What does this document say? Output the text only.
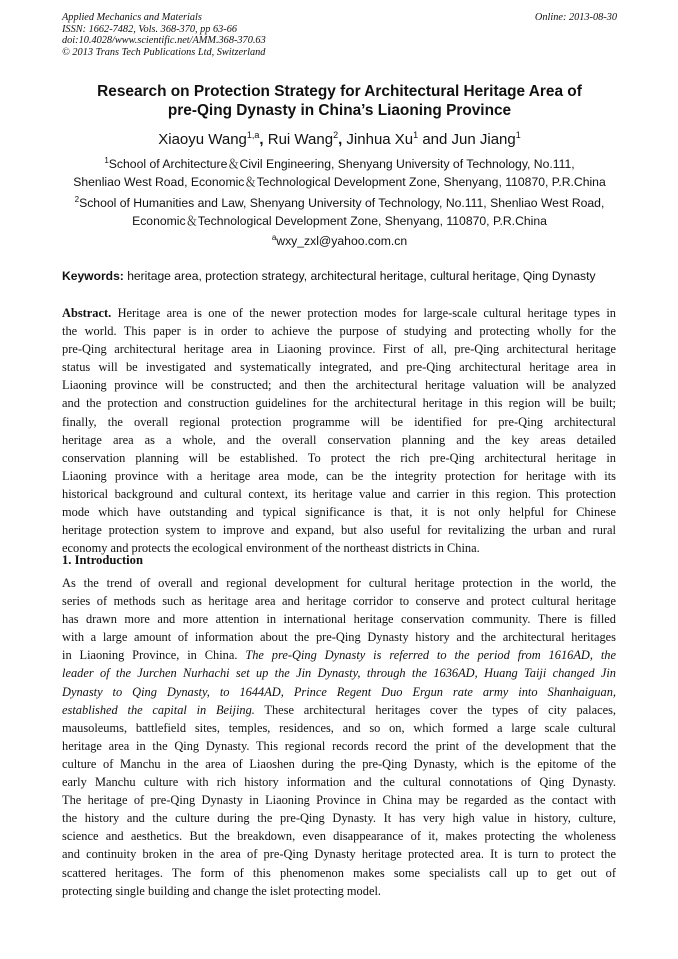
Applied Mechanics and Materials
ISSN: 1662-7482, Vols. 368-370, pp 63-66
doi:10.4028/www.scientific.net/AMM.368-370.63
© 2013 Trans Tech Publications Ltd, Switzerland
Online: 2013-08-30
Research on Protection Strategy for Architectural Heritage Area of
pre-Qing Dynasty in China’s Liaoning Province
Xiaoyu Wang$^{1,a}$, Rui Wang$^2$, Jinhua Xu$^1$ and Jun Jiang$^1$
$^1$School of Architecture＆Civil Engineering, Shenyang University of Technology, No.111,
Shenliao West Road, Economic＆Technological Development Zone, Shenyang, 110870, P.R.China
$^2$School of Humanities and Law, Shenyang University of Technology, No.111, Shenliao West Road,
Economic＆Technological Development Zone, Shenyang, 110870, P.R.China
$^a$wxy_zxl@yahoo.com.cn
Keywords: heritage area, protection strategy, architectural heritage, cultural heritage, Qing Dynasty
Abstract. Heritage area is one of the newer protection modes for large-scale cultural heritage types in
the world. This paper is in order to achieve the purpose of studying and protecting wholly for the
pre-Qing architectural heritage area in Liaoning province. First of all, pre-Qing architectural heritage
status will be investigated and systematically integrated, and pre-Qing architectural heritage area in
Liaoning province will be constructed; and then the architectural heritage valuation will be analyzed
and the protection and construction guidelines for the architectural heritage in this region will be built;
finally, the overall regional protection programme will be identified for pre-Qing architectural
heritage area as a whole, and the overall conservation planning and the key areas detailed
conservation planning will be established. To protect the rich pre-Qing architectural heritage in
Liaoning province with a heritage area mode, can be the integrity protection for heritage with its
historical background and cultural context, its heritage value and carrier in this region. This protection
mode which have outstanding and typical significance is that, it is not only helpful for Chinese
heritage protection system to improve and expand, but also useful for revitalizing the urban and rural
economy and protects the ecological environment of the northeast districts in China.
1. Introduction
As the trend of overall and regional development for cultural heritage protection in the world, the
series of methods such as heritage area and heritage corridor to conserve and protect cultural heritage
has drawn more and more attention in international heritage conservation community. There is filled
with a large amount of information about the pre-Qing Dynasty history and the architectural heritages
in Liaoning Province, in China. The pre-Qing Dynasty is referred to the period from 1616AD, the
leader of the Jurchen Nurhachi set up the Jin Dynasty, through the 1636AD, Huang Taiji changed Jin
Dynasty to Qing Dynasty, to 1644AD, Prince Regent Duo Ergun rate army into Shanhaiguan,
established the capital in Beijing. These architectural heritages cover the types of city palaces,
mausoleums, battlefield sites, temples, residences, and so on, which formed a large scale cultural
heritage area in the Qing Dynasty. This regional records record the print of the development that the
culture of Manchu in the area of Liaoshen during the pre-Qing Dynasty, which is the epitome of the
early Manchu culture with rich history information and the cultural connotations of Qing Dynasty.
The heritage of pre-Qing Dynasty in Liaoning Province in China may be regarded as the contact with
the history and the culture during the pre-Qing Dynasty. It has very high value in history, culture,
science and aesthetics. But the breakdown, even disappearance of it, makes protecting the wholeness
and continuity broken in the area of pre-Qing Dynasty heritage protected area. It is turn to protect the
scattered heritages. The form of this phenomenon makes some specialists call up to get out of
protecting single building and change the islet protecting model.
